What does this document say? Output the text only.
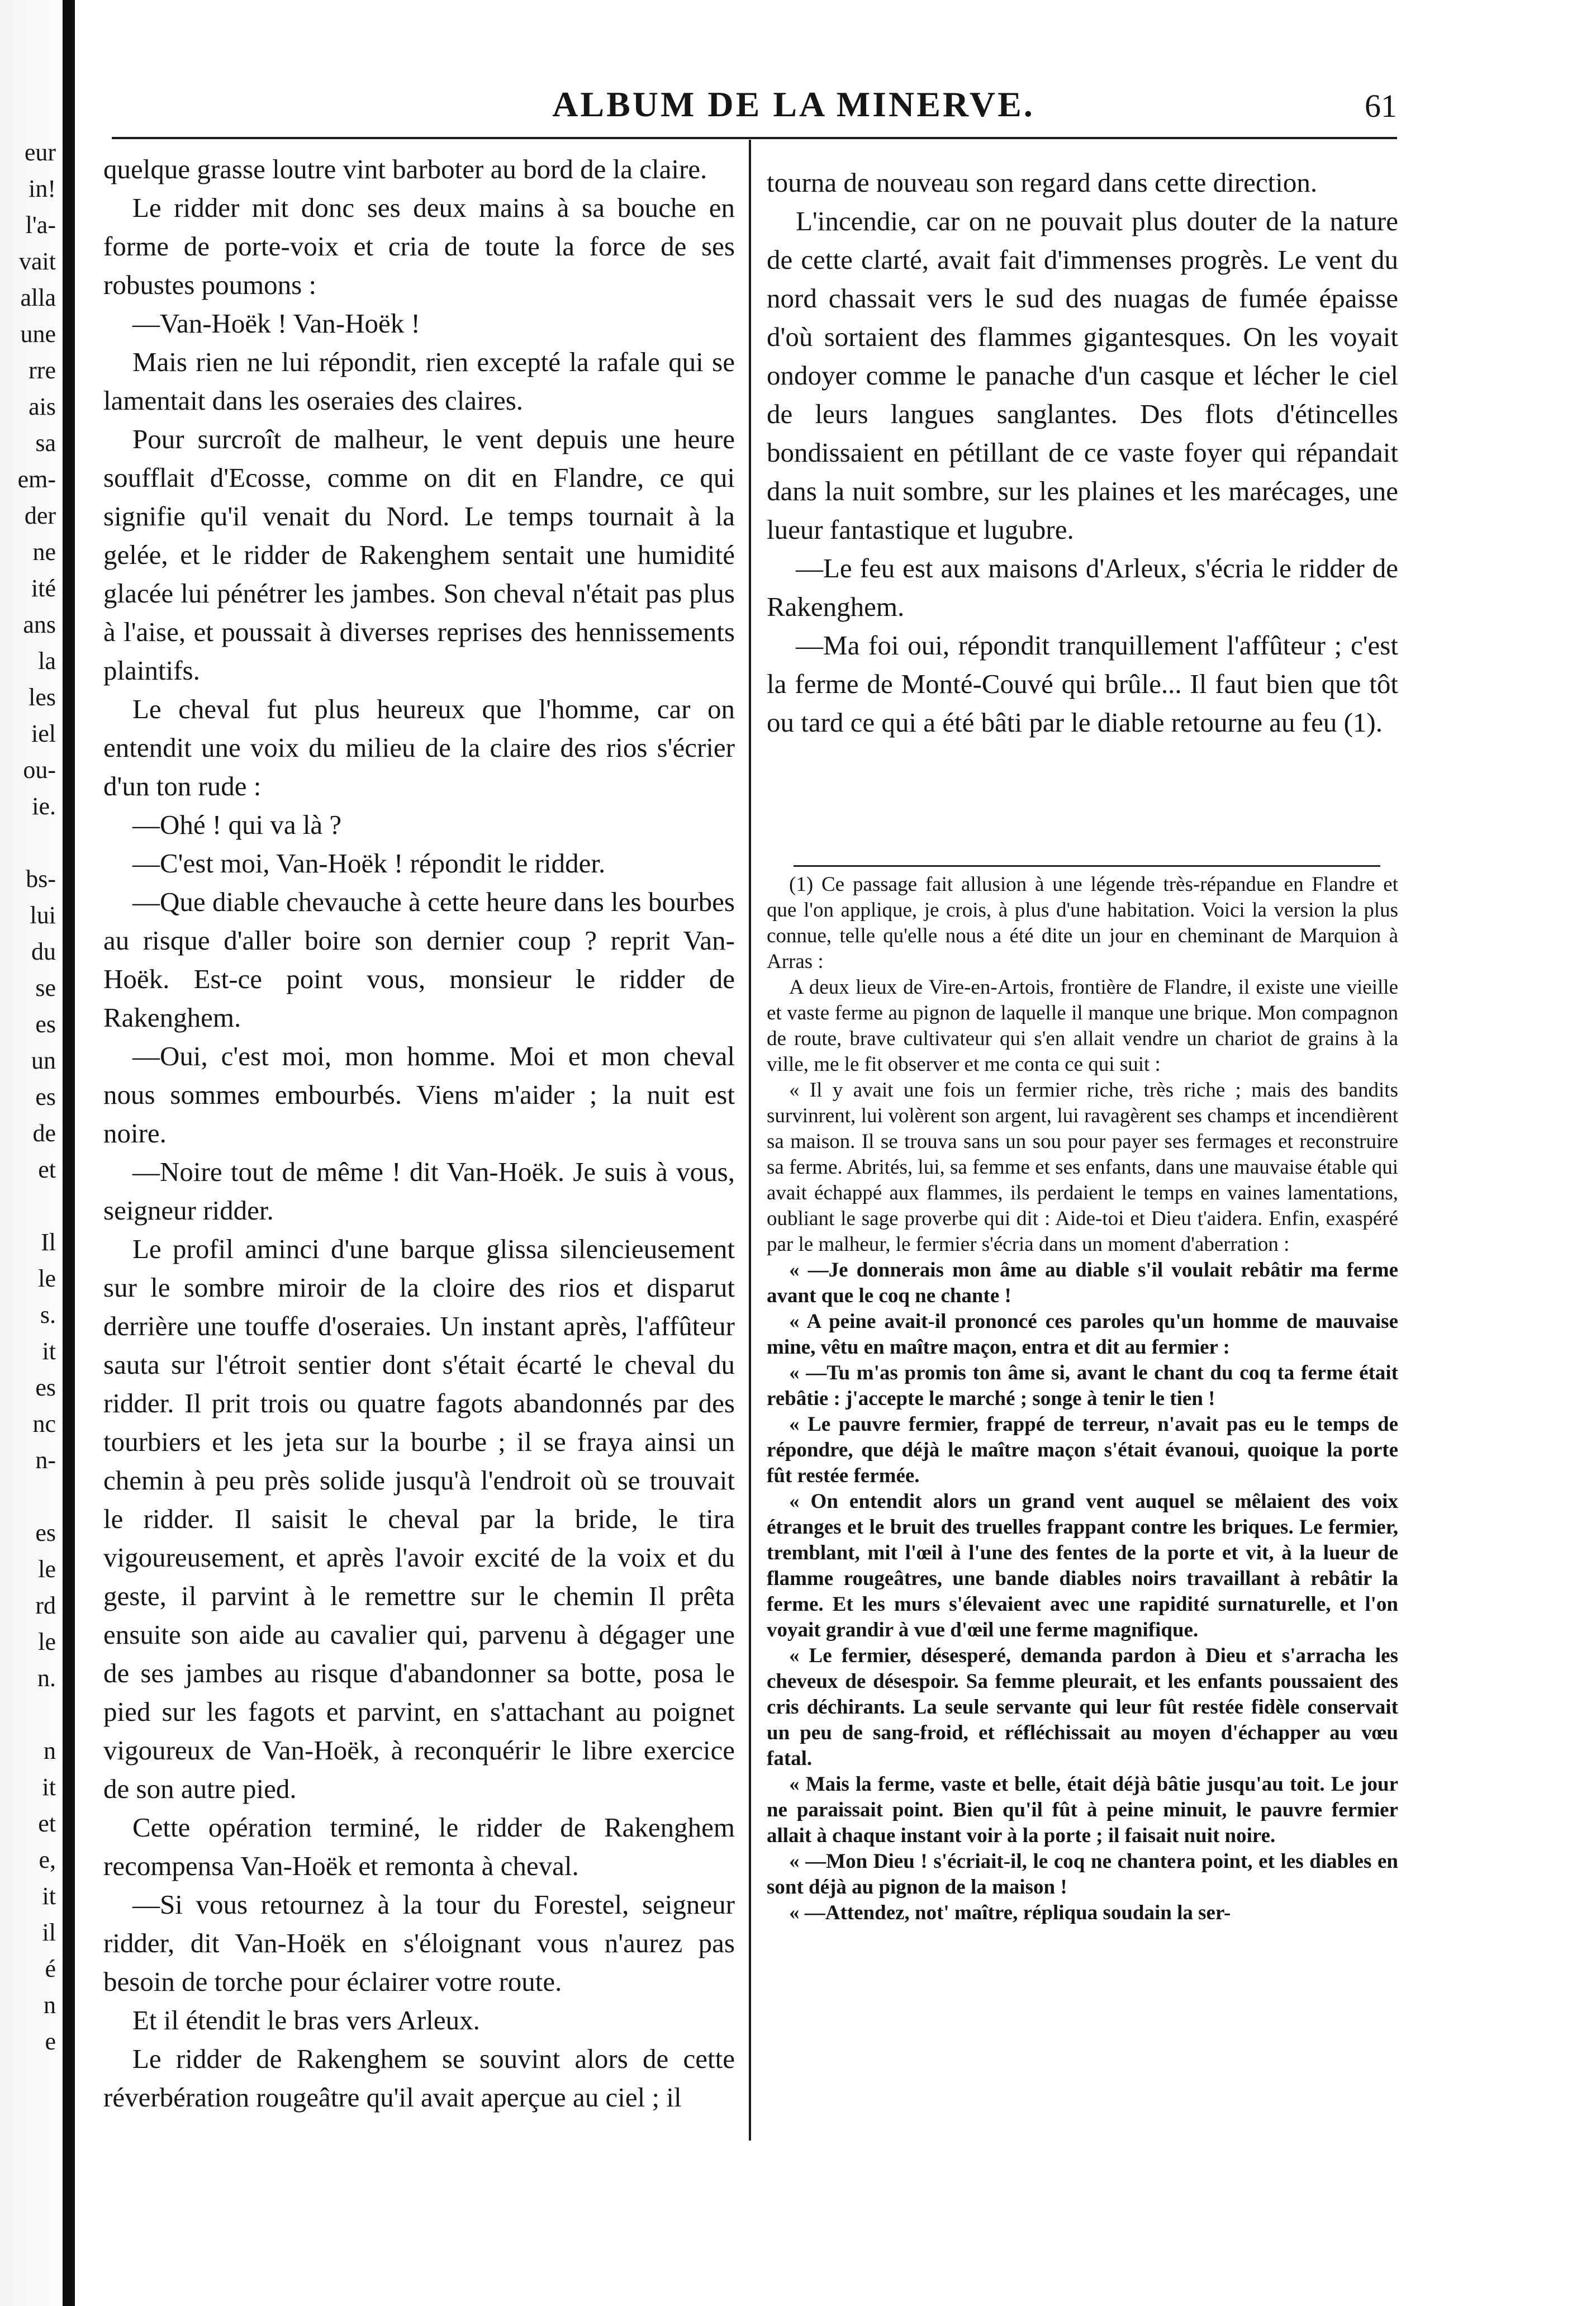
eur
in!
l'a-
vait
alla
une
rre
ais
sa
em-
der
ne
ité
ans
la
les
iel
ou-
ie.
bs-
lui
du
se
es
un
es
de
et
Il
le
s.
it
es
nc
n-
es
le
rd
le
n.
n
it
et
e,
it
il
é
n
e
ALBUM DE LA MINERVE.	61

quelque grasse loutre vint barboter au bord de la claire.

Le ridder mit donc ses deux mains à sa bouche en forme de porte-voix et cria de toute la force de ses robustes poumons :

—Van-Hoëk ! Van-Hoëk !

Mais rien ne lui répondit, rien excepté la rafale qui se lamentait dans les oseraies des claires.

Pour surcroît de malheur, le vent depuis une heure soufflait d'Ecosse, comme on dit en Flandre, ce qui signifie qu'il venait du Nord. Le temps tournait à la gelée, et le ridder de Rakenghem sentait une humidité glacée lui pénétrer les jambes. Son cheval n'était pas plus à l'aise, et poussait à diverses reprises des hennissements plaintifs.

Le cheval fut plus heureux que l'homme, car on entendit une voix du milieu de la claire des rios s'écrier d'un ton rude :

—Ohé ! qui va là ?

—C'est moi, Van-Hoëk ! répondit le ridder.

—Que diable chevauche à cette heure dans les bourbes au risque d'aller boire son dernier coup ? reprit Van-Hoëk. Est-ce point vous, monsieur le ridder de Rakenghem.

—Oui, c'est moi, mon homme. Moi et mon cheval nous sommes embourbés. Viens m'aider ; la nuit est noire.

—Noire tout de même ! dit Van-Hoëk. Je suis à vous, seigneur ridder.

Le profil aminci d'une barque glissa silencieusement sur le sombre miroir de la cloire des rios et disparut derrière une touffe d'oseraies. Un instant après, l'affûteur sauta sur l'étroit sentier dont s'était écarté le cheval du ridder. Il prit trois ou quatre fagots abandonnés par des tourbiers et les jeta sur la bourbe ; il se fraya ainsi un chemin à peu près solide jusqu'à l'endroit où se trouvait le ridder. Il saisit le cheval par la bride, le tira vigoureusement, et après l'avoir excité de la voix et du geste, il parvint à le remettre sur le chemin Il prêta ensuite son aide au cavalier qui, parvenu à dégager une de ses jambes au risque d'abandonner sa botte, posa le pied sur les fagots et parvint, en s'attachant au poignet vigoureux de Van-Hoëk, à reconquérir le libre exercice de son autre pied.

Cette opération terminé, le ridder de Rakenghem recompensa Van-Hoëk et remonta à cheval.

—Si vous retournez à la tour du Forestel, seigneur ridder, dit Van-Hoëk en s'éloignant vous n'aurez pas besoin de torche pour éclairer votre route.

Et il étendit le bras vers Arleux.

Le ridder de Rakenghem se souvint alors de cette réverbération rougeâtre qu'il avait aperçue au ciel ; il

tourna de nouveau son regard dans cette direction.

L'incendie, car on ne pouvait plus douter de la nature de cette clarté, avait fait d'immenses progrès. Le vent du nord chassait vers le sud des nuagas de fumée épaisse d'où sortaient des flammes gigantesques. On les voyait ondoyer comme le panache d'un casque et lécher le ciel de leurs langues sanglantes. Des flots d'étincelles bondissaient en pétillant de ce vaste foyer qui répandait dans la nuit sombre, sur les plaines et les marécages, une lueur fantastique et lugubre.

—Le feu est aux maisons d'Arleux, s'écria le ridder de Rakenghem.

—Ma foi oui, répondit tranquillement l'affûteur ; c'est la ferme de Monté-Couvé qui brûle... Il faut bien que tôt ou tard ce qui a été bâti par le diable retourne au feu (1).

(1) Ce passage fait allusion à une légende très-répandue en Flandre et que l'on applique, je crois, à plus d'une habitation. Voici la version la plus connue, telle qu'elle nous a été dite un jour en cheminant de Marquion à Arras :

A deux lieux de Vire-en-Artois, frontière de Flandre, il existe une vieille et vaste ferme au pignon de laquelle il manque une brique. Mon compagnon de route, brave cultivateur qui s'en allait vendre un chariot de grains à la ville, me le fit observer et me conta ce qui suit :

« Il y avait une fois un fermier riche, très riche ; mais des bandits survinrent, lui volèrent son argent, lui ravagèrent ses champs et incendièrent sa maison. Il se trouva sans un sou pour payer ses fermages et reconstruire sa ferme. Abrités, lui, sa femme et ses enfants, dans une mauvaise étable qui avait échappé aux flammes, ils perdaient le temps en vaines lamentations, oubliant le sage proverbe qui dit : Aide-toi et Dieu t'aidera. Enfin, exaspéré par le malheur, le fermier s'écria dans un moment d'aberration :

« —Je donnerais mon âme au diable s'il voulait rebâtir ma ferme avant que le coq ne chante !

« A peine avait-il prononcé ces paroles qu'un homme de mauvaise mine, vêtu en maître maçon, entra et dit au fermier :

« —Tu m'as promis ton âme si, avant le chant du coq ta ferme était rebâtie : j'accepte le marché ; songe à tenir le tien !

« Le pauvre fermier, frappé de terreur, n'avait pas eu le temps de répondre, que déjà le maître maçon s'était évanoui, quoique la porte fût restée fermée.

« On entendit alors un grand vent auquel se mêlaient des voix étranges et le bruit des truelles frappant contre les briques. Le fermier, tremblant, mit l'œil à l'une des fentes de la porte et vit, à la lueur de flamme rougeâtres, une bande diables noirs travaillant à rebâtir la ferme. Et les murs s'élevaient avec une rapidité surnaturelle, et l'on voyait grandir à vue d'œil une ferme magnifique.

« Le fermier, désesperé, demanda pardon à Dieu et s'arracha les cheveux de désespoir. Sa femme pleurait, et les enfants poussaient des cris déchirants. La seule servante qui leur fût restée fidèle conservait un peu de sang-froid, et réfléchissait au moyen d'échapper au vœu fatal.

« Mais la ferme, vaste et belle, était déjà bâtie jusqu'au toit. Le jour ne paraissait point. Bien qu'il fût à peine minuit, le pauvre fermier allait à chaque instant voir à la porte ; il faisait nuit noire.

« —Mon Dieu ! s'écriait-il, le coq ne chantera point, et les diables en sont déjà au pignon de la maison !

« —Attendez, not' maître, répliqua soudain la ser-
